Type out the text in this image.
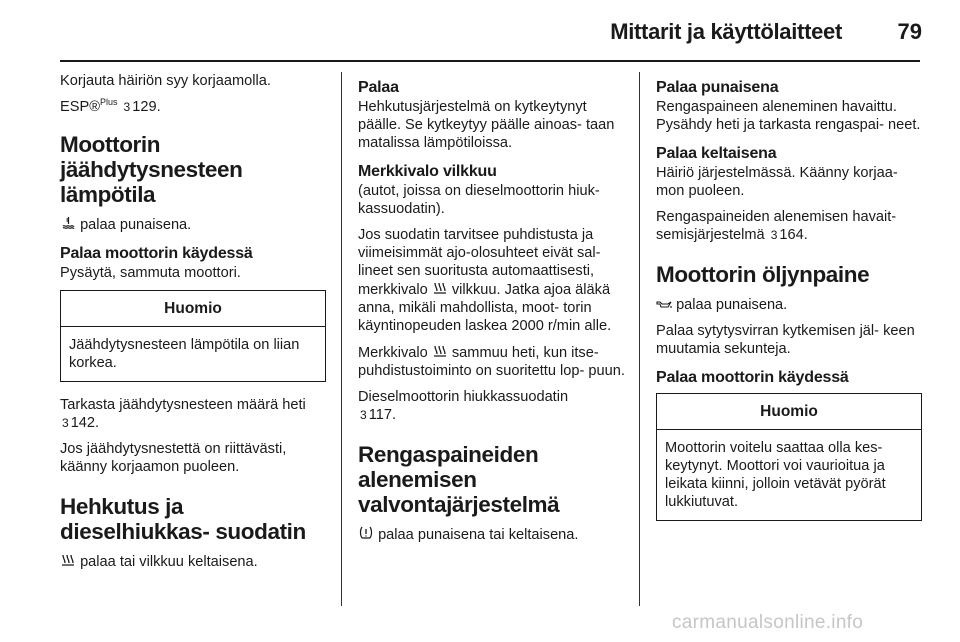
Mittarit ja käyttölaitteet	79

Korjauta häiriön syy korjaamolla.

ESP®$^{Plus}$ 3 129.

Moottorin jäähdytysnesteen lämpötila

palaa punaisena.

Palaa moottorin käydessä

Pysäytä, sammuta moottori.

Huomio
Jäähdytysnesteen lämpötila on liian korkea.

Tarkasta jäähdytysnesteen määrä heti 3 142.

Jos jäähdytysnestettä on riittävästi, käänny korjaamon puoleen.

Hehkutus ja dieselhiukkas- suodatin

palaa tai vilkkuu keltaisena.

Palaa

Hehkutusjärjestelmä on kytkeytynyt päälle. Se kytkeytyy päälle ainoas- taan matalissa lämpötiloissa.

Merkkivalo vilkkuu

(autot, joissa on dieselmoottorin hiuk- kassuodatin).

Jos suodatin tarvitsee puhdistusta ja viimeisimmät ajo-olosuhteet eivät sal- lineet sen suoritusta automaattisesti, merkkivalo vilkkuu. Jatka ajoa äläkä anna, mikäli mahdollista, moot- torin käyntinopeuden laskea 2000 r/min alle.

Merkkivalo sammuu heti, kun itse- puhdistustoiminto on suoritettu lop- puun.

Dieselmoottorin hiukkassuodatin
3 117.

Rengaspaineiden alenemisen valvontajärjestelmä

palaa punaisena tai keltaisena.

Palaa punaisena

Rengaspaineen aleneminen havaittu. Pysähdy heti ja tarkasta rengaspai- neet.

Palaa keltaisena

Häiriö järjestelmässä. Käänny korjaa- mon puoleen.

Rengaspaineiden alenemisen havait- semisjärjestelmä 3 164.

Moottorin öljynpaine

palaa punaisena.

Palaa sytytysvirran kytkemisen jäl- keen muutamia sekunteja.

Palaa moottorin käydessä
Huomio
Moottorin voitelu saattaa olla kes- keytynyt. Moottori voi vaurioitua ja leikata kiinni, jolloin vetävät pyörät lukkiutuvat.
carmanualsonline.info
